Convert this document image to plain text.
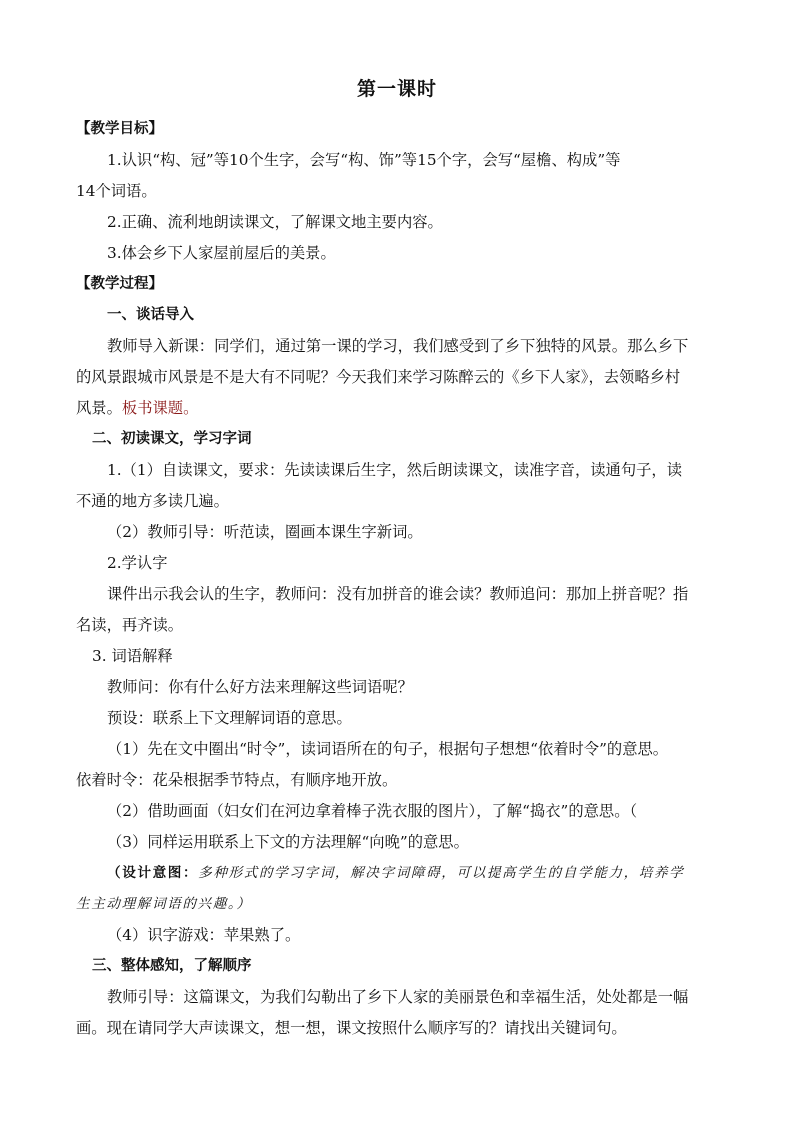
第一课时
【教学目标】
1.认识“构、冠”等10个生字，会写“构、饰”等15个字，会写“屋檐、构成”等
14个词语。
2.正确、流利地朗读课文，了解课文地主要内容。
3.体会乡下人家屋前屋后的美景。
【教学过程】
一、谈话导入
教师导入新课：同学们，通过第一课的学习，我们感受到了乡下独特的风景。那么乡下
的风景跟城市风景是不是大有不同呢？今天我们来学习陈醉云的《乡下人家》，去领略乡村
风景。板书课题。
二、初读课文，学习字词
1.（1）自读课文，要求：先读读课后生字，然后朗读课文，读准字音，读通句子，读
不通的地方多读几遍。
（2）教师引导：听范读，圈画本课生字新词。
2.学认字
课件出示我会认的生字，教师问：没有加拼音的谁会读？教师追问：那加上拼音呢？指
名读，再齐读。
3. 词语解释
教师问：你有什么好方法来理解这些词语呢？
预设：联系上下文理解词语的意思。
（1）先在文中圈出“时令”，读词语所在的句子，根据句子想想“依着时令”的意思。
依着时令：花朵根据季节特点，有顺序地开放。
（2）借助画面（妇女们在河边拿着棒子洗衣服的图片），了解“捣衣”的意思。（
（3）同样运用联系上下文的方法理解“向晚”的意思。
（设计意图：多种形式的学习字词，解决字词障碍，可以提高学生的自学能力，培养学
生主动理解词语的兴趣。）
（4）识字游戏：苹果熟了。
三、整体感知，了解顺序
教师引导：这篇课文，为我们勾勒出了乡下人家的美丽景色和幸福生活，处处都是一幅
画。现在请同学大声读课文，想一想，课文按照什么顺序写的？请找出关键词句。
